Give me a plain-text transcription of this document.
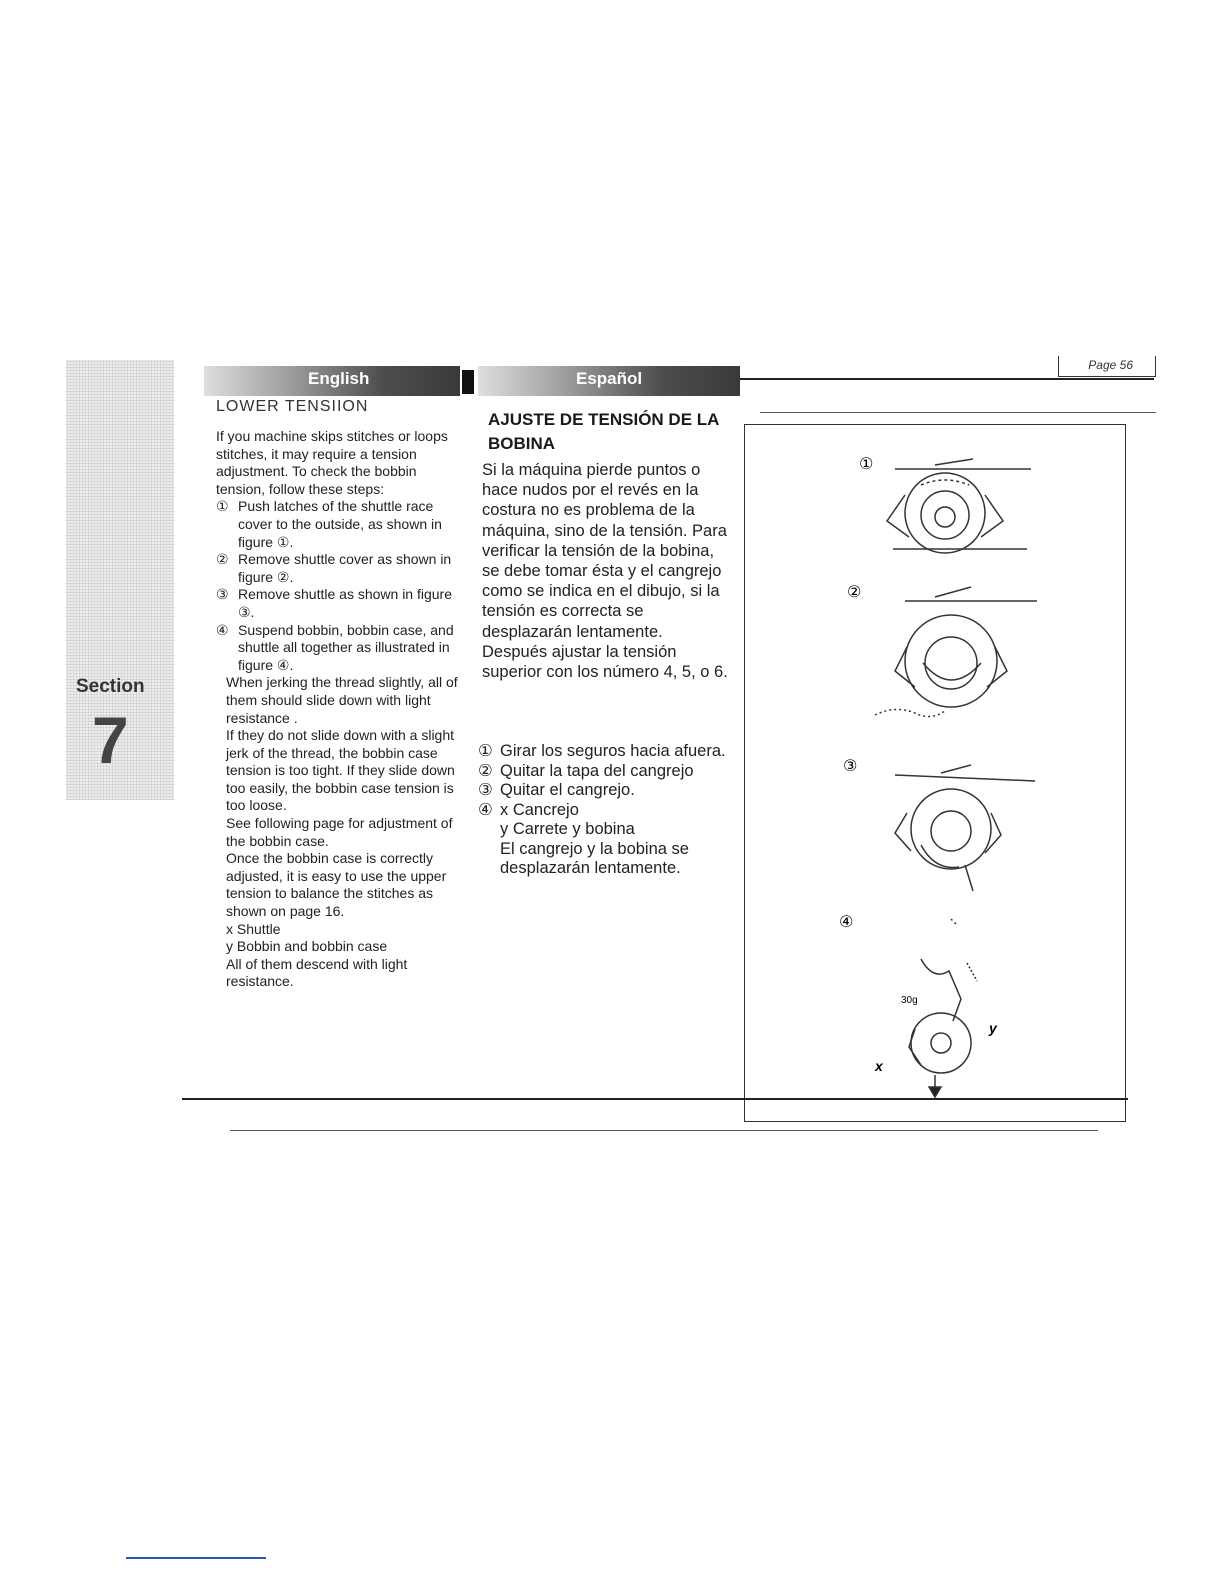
Section
7
English	Español
Page 56
LOWER TENSIION

If you machine skips stitches or loops stitches, it may require a tension adjustment. To check the bobbin tension, follow these steps:

① Push latches of the shuttle race cover to the outside, as shown in figure ①.
② Remove shuttle cover as shown in figure ②.
③ Remove shuttle as shown in figure ③.
④ Suspend bobbin, bobbin case, and shuttle all together as illustrated in figure ④.

When jerking the thread slightly, all of them should slide down with light resistance .

If they do not slide down with a slight jerk of the thread, the bobbin case tension is too tight. If they slide down too easily, the bobbin case tension is too loose.

See following page for adjustment of the bobbin case.

Once the bobbin case is correctly adjusted, it is easy to use the upper tension to balance the stitches as shown on page 16.

x Shuttle

y Bobbin and bobbin case

All of them descend with light resistance.

AJUSTE DE TENSIÓN DE LA BOBINA

Si la máquina pierde puntos o hace nudos por el revés en la costura no es problema de la máquina, sino de la tensión. Para verificar la tensión de la bobina, se debe tomar ésta y el cangrejo como se indica en el dibujo, si la tensión es correcta se desplazarán lentamente.

Después ajustar la tensión superior con los número 4, 5, o 6.

① Girar los seguros hacia afuera.
② Quitar la tapa del cangrejo
③ Quitar el cangrejo.
④ x Cancrejo

y Carrete y bobina

El cangrejo y la bobina se desplazarán lentamente.

①
②
③
④
30g
y
x
